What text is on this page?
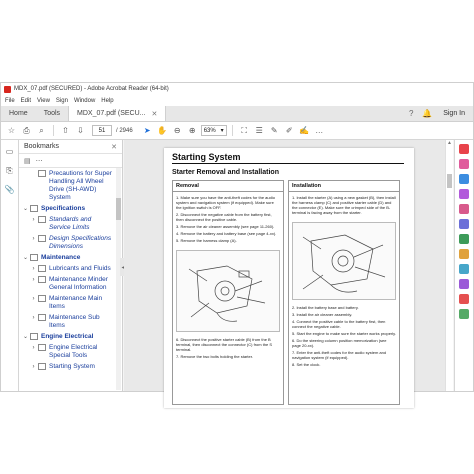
MDX_07.pdf (SECURED) - Adobe Acrobat Reader (64-bit)
File Edit View Sign Window Help
Home	Tools	MDX_07.pdf (SECU... ✕	?	🔔	Sign In
☆	⎙	⌕	⇧	⇩	51	/ 2946	➤ ✋ ⊖	⊕	63% ▾	⛶	☰	✎	✐ ✍ …
▭
⎘
📎
Bookmarks	✕
▤ ⋯
Precautions for Super Handling All Wheel Drive (SH-AWD) System
⌄	Specifications
›	Standards and Service Limits
›	Design Specifications Dimensions
⌄	Maintenance
›	Lubricants and Fluids
›	Maintenance Minder General Information
›	Maintenance Main Items
›	Maintenance Sub Items
⌄	Engine Electrical
›	Engine Electrical Special Tools
›	Starting System
◂
Starting System
Starter Removal and Installation
Removal
1. Make sure you have the anti-theft codes for the audio system and navigation system (if equipped). Make sure the ignition switch is OFF.
2. Disconnect the negative cable from the battery first, then disconnect the positive cable.
3. Remove the air cleaner assembly (see page 11-260).
4. Remove the battery and battery base (see page 4-xx).
5. Remove the harness clamp (A).
6. Disconnect the positive starter cable (B) from the B terminal, then disconnect the connector (C) from the S terminal.
7. Remove the two bolts holding the starter.
Installation
1. Install the starter (A) using a new gasket (B), then install the harness clamp (C) and positive starter cable (D) and the connector (E). Make sure the crimped side of the B-terminal is facing away from the starter.
2. Install the battery base and battery.
3. Install the air cleaner assembly.
4. Connect the positive cable to the battery first, then connect the negative cable.
5. Start the engine to make sure the starter works properly.
6. Do the steering column position memorization (see page 20-xx).
7. Enter the anti-theft codes for the audio system and navigation system (if equipped).
8. Set the clock.
▲
